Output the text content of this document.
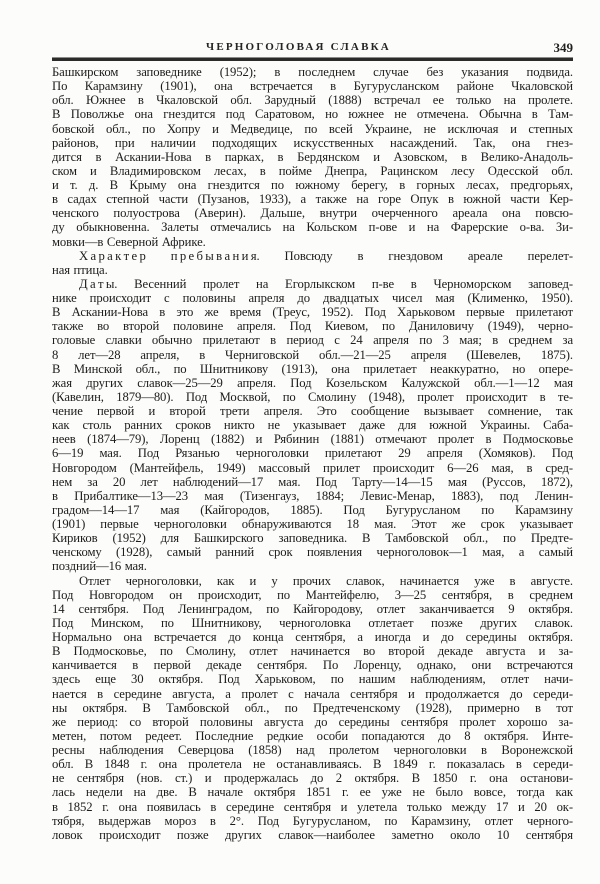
ЧЕРНОГОЛОВАЯ СЛАВКА	349
Башкирском заповеднике (1952); в последнем случае без указания подвида.
По Карамзину (1901), она встречается в Бугурусланском районе Чкаловской
обл. Южнее в Чкаловской обл. Зарудный (1888) встречал ее только на пролете.
В Поволжье она гнездится под Саратовом, но южнее не отмечена. Обычна в Там-
бовской обл., по Хопру и Медведице, по всей Украине, не исключая и степных
районов, при наличии подходящих искусственных насаждений. Так, она гнез-
дится в Аскании-Нова в парках, в Бердянском и Азовском, в Велико-Анадоль-
ском и Владимировском лесах, в пойме Днепра, Рацинском лесу Одесской обл.
и т. д. В Крыму она гнездится по южному берегу, в горных лесах, предгорьях,
в садах степной части (Пузанов, 1933), а также на горе Опук в южной части Кер-
ченского полуострова (Аверин). Дальше, внутри очерченного ареала она повсю-
ду обыкновенна. Залеты отмечались на Кольском п-ове и на Фарерские о-ва. Зи-
мовки—в Северной Африке.
Х а р а к т е р п р е б ы в а н и я. Повсюду в гнездовом ареале перелет-
ная птица.
Д а т ы. Весенний пролет на Егорлыкском п-ве в Черноморском заповед-
нике происходит с половины апреля до двадцатых чисел мая (Клименко, 1950).
В Аскании-Нова в это же время (Треус, 1952). Под Харьковом первые прилетают
также во второй половине апреля. Под Киевом, по Даниловичу (1949), черно-
головые славки обычно прилетают в период с 24 апреля по 3 мая; в среднем за
8 лет—28 апреля, в Черниговской обл.—21—25 апреля (Шевелев, 1875).
В Минской обл., по Шнитникову (1913), она прилетает неаккуратно, но опере-
жая других славок—25—29 апреля. Под Козельском Калужской обл.—1—12 мая
(Кавелин, 1879—80). Под Москвой, по Смолину (1948), пролет происходит в те-
чение первой и второй трети апреля. Это сообщение вызывает сомнение, так
как столь ранних сроков никто не указывает даже для южной Украины. Саба-
неев (1874—79), Лоренц (1882) и Рябинин (1881) отмечают пролет в Подмосковье
6—19 мая. Под Рязанью черноголовки прилетают 29 апреля (Хомяков). Под
Новгородом (Мантейфель, 1949) массовый прилет происходит 6—26 мая, в сред-
нем за 20 лет наблюдений—17 мая. Под Тарту—14—15 мая (Руссов, 1872),
в Прибалтике—13—23 мая (Тизенгауз, 1884; Левис-Менар, 1883), под Ленин-
градом—14—17 мая (Кайгородов, 1885). Под Бугурусланом по Карамзину
(1901) первые черноголовки обнаруживаются 18 мая. Этот же срок указывает
Кириков (1952) для Башкирского заповедника. В Тамбовской обл., по Предте-
ченскому (1928), самый ранний срок появления черноголовок—1 мая, а самый
поздний—16 мая.
Отлет черноголовки, как и у прочих славок, начинается уже в августе.
Под Новгородом он происходит, по Мантейфелю, 3—25 сентября, в среднем
14 сентября. Под Ленинградом, по Кайгородову, отлет заканчивается 9 октября.
Под Минском, по Шнитникову, черноголовка отлетает позже других славок.
Нормально она встречается до конца сентября, а иногда и до середины октября.
В Подмосковье, по Смолину, отлет начинается во второй декаде августа и за-
канчивается в первой декаде сентября. По Лоренцу, однако, они встречаются
здесь еще 30 октября. Под Харьковом, по нашим наблюдениям, отлет начи-
нается в середине августа, а пролет с начала сентября и продолжается до середи-
ны октября. В Тамбовской обл., по Предтеченскому (1928), примерно в тот
же период: со второй половины августа до середины сентября пролет хорошо за-
метен, потом редеет. Последние редкие особи попадаются до 8 октября. Инте-
ресны наблюдения Северцова (1858) над пролетом черноголовки в Воронежской
обл. В 1848 г. она пролетела не останавливаясь. В 1849 г. показалась в середи-
не сентября (нов. ст.) и продержалась до 2 октября. В 1850 г. она останови-
лась недели на две. В начале октября 1851 г. ее уже не было вовсе, тогда как
в 1852 г. она появилась в середине сентября и улетела только между 17 и 20 ок-
тября, выдержав мороз в 2°. Под Бугурусланом, по Карамзину, отлет черного-
ловок происходит позже других славок—наиболее заметно около 10 сентября
